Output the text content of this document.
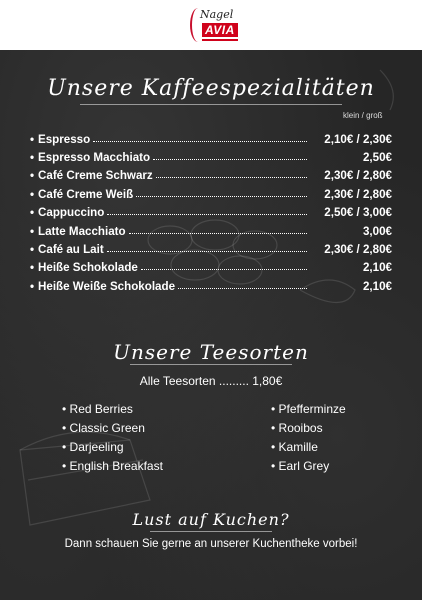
Nagel
AVIA
Unsere Kaffeespezialitäten
klein / groß
• Espresso	2,10€ / 2,30€
• Espresso Macchiato	2,50€
• Café Creme Schwarz	2,30€ / 2,80€
• Café Creme Weiß	2,30€ / 2,80€
• Cappuccino	2,50€ / 3,00€
• Latte Macchiato	3,00€
• Café au Lait	2,30€ / 2,80€
• Heiße Schokolade	2,10€
• Heiße Weiße Schokolade	2,10€
Unsere Teesorten
Alle Teesorten ......... 1,80€
• Red Berries
• Classic Green
• Darjeeling
• English Breakfast
• Pfefferminze
• Rooibos
• Kamille
• Earl Grey
Lust auf Kuchen?
Dann schauen Sie gerne an unserer Kuchentheke vorbei!
